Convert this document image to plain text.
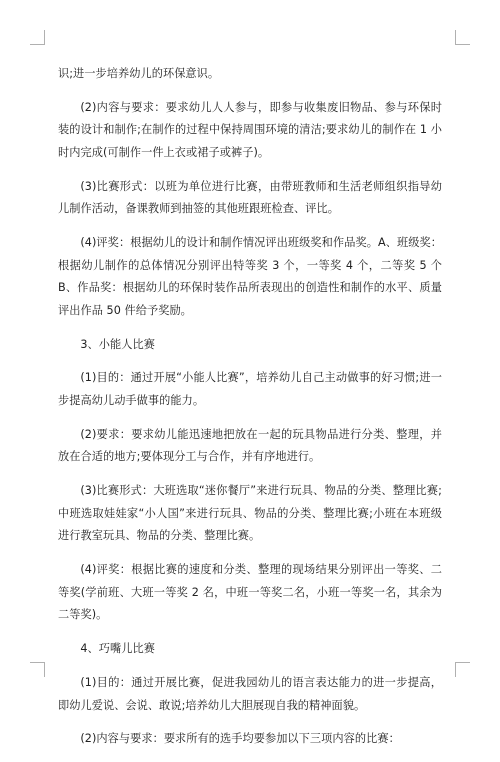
识;进一步培养幼儿的环保意识。

(2)内容与要求：要求幼儿人人参与，即参与收集废旧物品、参与环保时装的设计和制作;在制作的过程中保持周围环境的清洁;要求幼儿的制作在 1 小时内完成(可制作一件上衣或裙子或裤子)。

(3)比赛形式：以班为单位进行比赛，由带班教师和生活老师组织指导幼儿制作活动，备课教师到抽签的其他班跟班检查、评比。

(4)评奖：根据幼儿的设计和制作情况评出班级奖和作品奖。A、班级奖：根据幼儿制作的总体情况分别评出特等奖 3 个，一等奖 4 个，二等奖 5 个 B、作品奖：根据幼儿的环保时装作品所表现出的创造性和制作的水平、质量评出作品 50 件给予奖励。

3、小能人比赛

(1)目的：通过开展“小能人比赛”，培养幼儿自己主动做事的好习惯;进一步提高幼儿动手做事的能力。

(2)要求：要求幼儿能迅速地把放在一起的玩具物品进行分类、整理，并放在合适的地方;要体现分工与合作，并有序地进行。

(3)比赛形式：大班选取“迷你餐厅”来进行玩具、物品的分类、整理比赛;中班选取娃娃家“小人国”来进行玩具、物品的分类、整理比赛;小班在本班级进行教室玩具、物品的分类、整理比赛。

(4)评奖：根据比赛的速度和分类、整理的现场结果分别评出一等奖、二等奖(学前班、大班一等奖 2 名，中班一等奖二名，小班一等奖一名，其余为二等奖)。

4、巧嘴儿比赛

(1)目的：通过开展比赛，促进我园幼儿的语言表达能力的进一步提高，即幼儿爱说、会说、敢说;培养幼儿大胆展现自我的精神面貌。

(2)内容与要求：要求所有的选手均要参加以下三项内容的比赛：
